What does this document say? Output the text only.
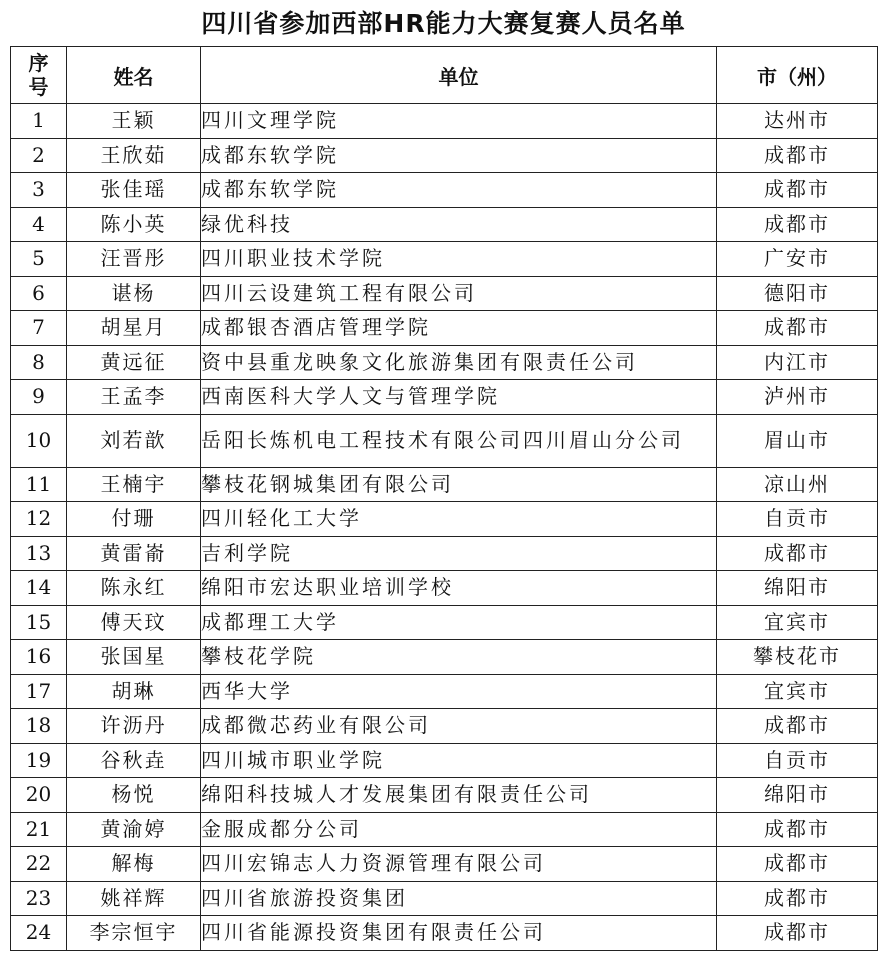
四川省参加西部HR能力大赛复赛人员名单
序
号	姓名	单位	市（州）
1	王颖	四川文理学院	达州市
2	王欣茹	成都东软学院	成都市
3	张佳瑶	成都东软学院	成都市
4	陈小英	绿优科技	成都市
5	汪晋彤	四川职业技术学院	广安市
6	谌杨	四川云设建筑工程有限公司	德阳市
7	胡星月	成都银杏酒店管理学院	成都市
8	黄远征	资中县重龙映象文化旅游集团有限责任公司	内江市
9	王孟李	西南医科大学人文与管理学院	泸州市
10	刘若歆	岳阳长炼机电工程技术有限公司四川眉山分公司	眉山市
11	王楠宇	攀枝花钢城集团有限公司	凉山州
12	付珊	四川轻化工大学	自贡市
13	黄雷嵛	吉利学院	成都市
14	陈永红	绵阳市宏达职业培训学校	绵阳市
15	傅天玟	成都理工大学	宜宾市
16	张国星	攀枝花学院	攀枝花市
17	胡琳	西华大学	宜宾市
18	许沥丹	成都微芯药业有限公司	成都市
19	谷秋垚	四川城市职业学院	自贡市
20	杨悦	绵阳科技城人才发展集团有限责任公司	绵阳市
21	黄渝婷	金服成都分公司	成都市
22	解梅	四川宏锦志人力资源管理有限公司	成都市
23	姚祥辉	四川省旅游投资集团	成都市
24	李宗恒宇	四川省能源投资集团有限责任公司	成都市
